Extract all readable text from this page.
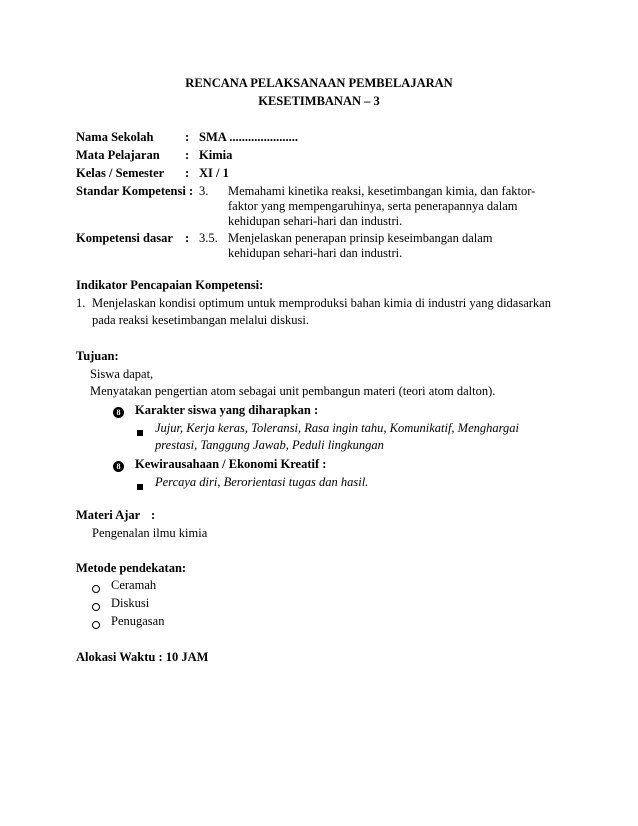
RENCANA PELAKSANAAN PEMBELAJARAN
KESETIMBANAN – 3
Nama Sekolah	: SMA ......................
Mata Pelajaran : Kimia
Kelas / Semester : XI / 1
Standar Kompetensi : 3. Memahami kinetika reaksi, kesetimbangan kimia, dan faktor-
faktor yang mempengaruhinya, serta penerapannya dalam
kehidupan sehari-hari dan industri.
Kompetensi dasar : 3.5. Menjelaskan penerapan prinsip keseimbangan dalam
kehidupan sehari-hari dan industri.
Indikator Pencapaian Kompetensi:
1. Menjelaskan kondisi optimum untuk memproduksi bahan kimia di industri yang didasarkan
pada reaksi kesetimbangan melalui diskusi.
Tujuan:
Siswa dapat,
Menyatakan pengertian atom sebagai unit pembangun materi (teori atom dalton).
8 Karakter siswa yang diharapkan :
Jujur, Kerja keras, Toleransi, Rasa ingin tahu, Komunikatif, Menghargai
prestasi, Tanggung Jawab, Peduli lingkungan
8 Kewirausahaan / Ekonomi Kreatif :
Percaya diri, Berorientasi tugas dan hasil.
Materi Ajar :
Pengenalan ilmu kimia
Metode pendekatan:
Ceramah
Diskusi
Penugasan
Alokasi Waktu : 10 JAM
